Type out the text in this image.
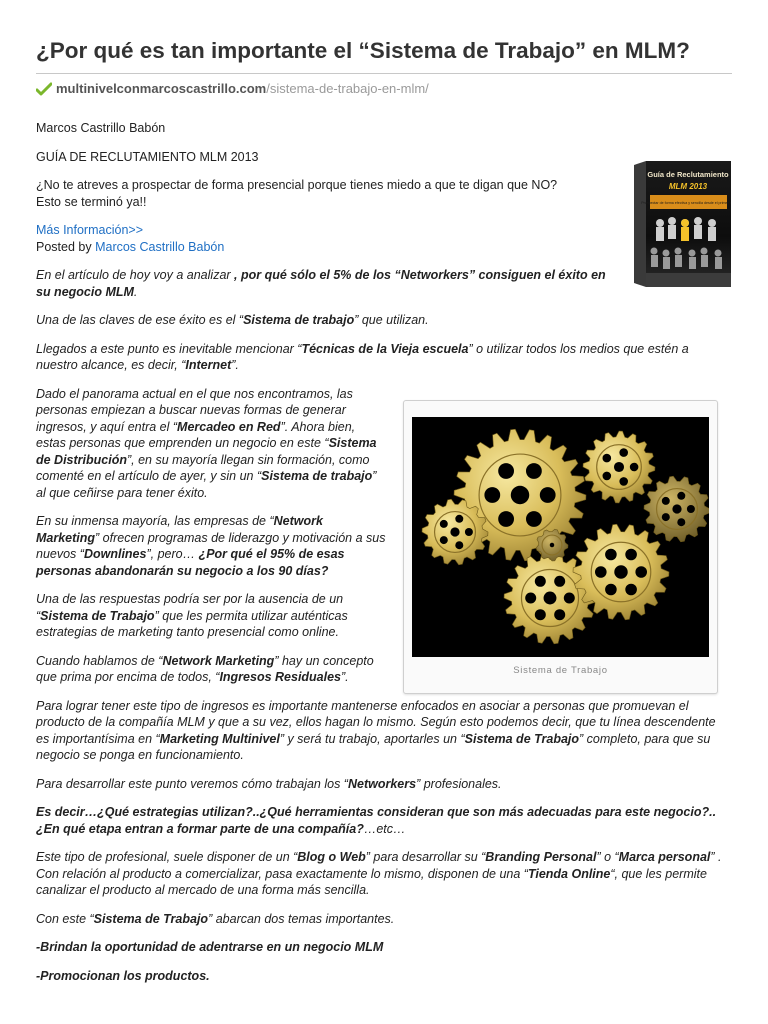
¿Por qué es tan importante el “Sistema de Trabajo” en MLM?
multinivelconmarcoscastrillo.com/sistema-de-trabajo-en-mlm/

Marcos Castrillo Babón

GUÍA DE RECLUTAMIENTO MLM 2013

¿No te atreves a prospectar de forma presencial porque tienes miedo a que te digan que NO?
Esto se terminó ya!!

Más Información>>
Posted by Marcos Castrillo Babón

En el artículo de hoy voy a analizar , por qué sólo el 5% de los “Networkers” consiguen el éxito en su negocio MLM.

Una de las claves de ese éxito es el “Sistema de trabajo” que utilizan.

Llegados a este punto es inevitable mencionar “Técnicas de la Vieja escuela” o utilizar todos los medios que estén a nuestro alcance, es decir, “Internet”.

Dado el panorama actual en el que nos encontramos, las personas empiezan a buscar nuevas formas de generar ingresos, y aquí entra el “Mercadeo en Red”. Ahora bien, estas personas que emprenden un negocio en este “Sistema de Distribución”, en su mayoría llegan sin formación, como comenté en el artículo de ayer, y sin un “Sistema de trabajo” al que ceñirse para tener éxito.

En su inmensa mayoría, las empresas de “Network Marketing” ofrecen programas de liderazgo y motivación a sus nuevos “Downlines”, pero… ¿Por qué el 95% de esas personas abandonarán su negocio a los 90 días?

Una de las respuestas podría ser por la ausencia de un “Sistema de Trabajo” que les permita utilizar auténticas estrategias de marketing tanto presencial como online.

Cuando hablamos de “Network Marketing” hay un concepto que prima por encima de todos, “Ingresos Residuales”.

Para lograr tener este tipo de ingresos es importante mantenerse enfocados en asociar a personas que promuevan el producto de la compañía MLM y que a su vez, ellos hagan lo mismo. Según esto podemos decir, que tu línea descendente es importantísima en “Marketing Multinivel” y será tu trabajo, aportarles un “Sistema de Trabajo” completo, para que su negocio se ponga en funcionamiento.

Para desarrollar este punto veremos cómo trabajan los “Networkers” profesionales.

Es decir…¿Qué estrategias utilizan?..¿Qué herramientas consideran que son más adecuadas para este negocio?..¿En qué etapa entran a formar parte de una compañía?…etc…

Este tipo de profesional, suele disponer de un “Blog o Web” para desarrollar su “Branding Personal” o “Marca personal” . Con relación al producto a comercializar, pasa exactamente lo mismo, disponen de una “Tienda Online“, que les permite canalizar el producto al mercado de una forma más sencilla.

Con este “Sistema de Trabajo” abarcan dos temas importantes.

-Brindan la oportunidad de adentrarse en un negocio MLM

-Promocionan los productos.

Guía de Reclutamiento
MLM 2013
Prospectar de forma efectiva y sencilla desde el primer día
Sistema de Trabajo
